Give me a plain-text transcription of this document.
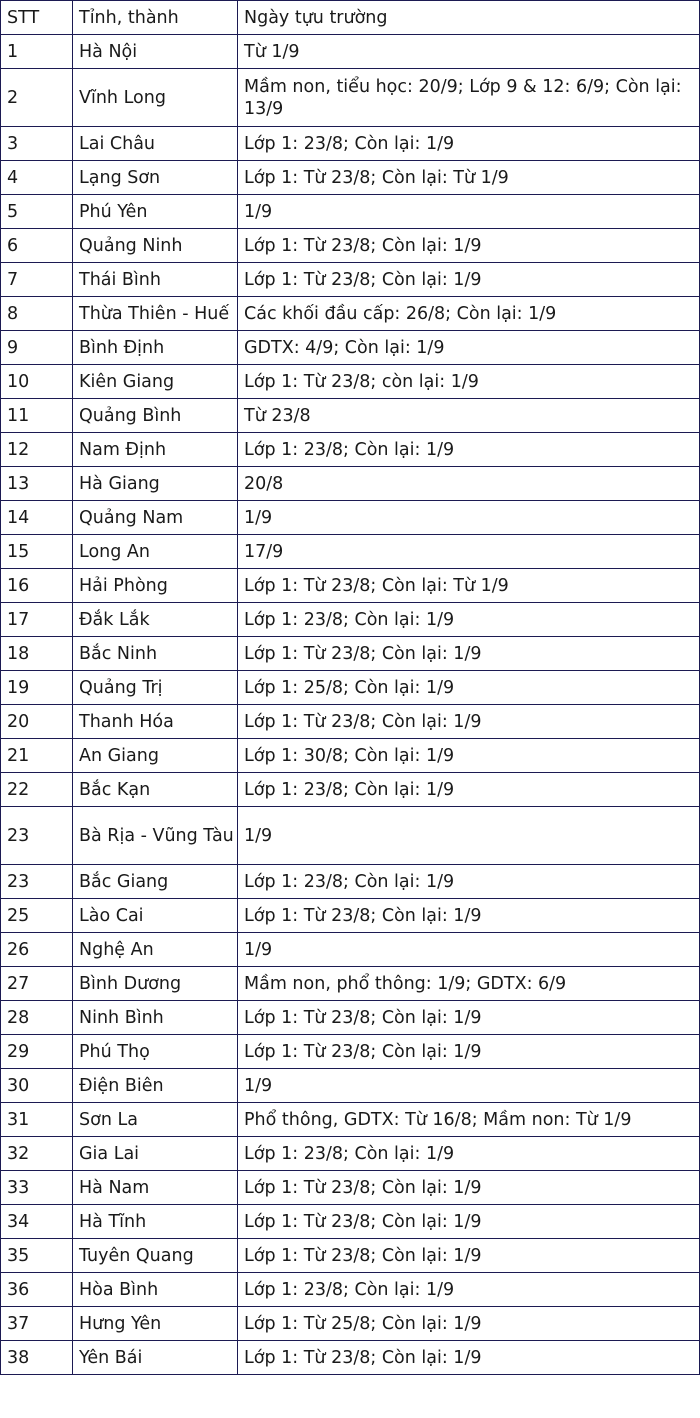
STT	Tỉnh, thành	Ngày tựu trường
1	Hà Nội	Từ 1/9
2	Vĩnh Long	Mầm non, tiểu học: 20/9; Lớp 9 & 12: 6/9; Còn lại: 13/9
3	Lai Châu	Lớp 1: 23/8; Còn lại: 1/9
4	Lạng Sơn	Lớp 1: Từ 23/8; Còn lại: Từ 1/9
5	Phú Yên	1/9
6	Quảng Ninh	Lớp 1: Từ 23/8; Còn lại: 1/9
7	Thái Bình	Lớp 1: Từ 23/8; Còn lại: 1/9
8	Thừa Thiên - Huế	Các khối đầu cấp: 26/8; Còn lại: 1/9
9	Bình Định	GDTX: 4/9; Còn lại: 1/9
10	Kiên Giang	Lớp 1: Từ 23/8; còn lại: 1/9
11	Quảng Bình	Từ 23/8
12	Nam Định	Lớp 1: 23/8; Còn lại: 1/9
13	Hà Giang	20/8
14	Quảng Nam	1/9
15	Long An	17/9
16	Hải Phòng	Lớp 1: Từ 23/8; Còn lại: Từ 1/9
17	Đắk Lắk	Lớp 1: 23/8; Còn lại: 1/9
18	Bắc Ninh	Lớp 1: Từ 23/8; Còn lại: 1/9
19	Quảng Trị	Lớp 1: 25/8; Còn lại: 1/9
20	Thanh Hóa	Lớp 1: Từ 23/8; Còn lại: 1/9
21	An Giang	Lớp 1: 30/8; Còn lại: 1/9
22	Bắc Kạn	Lớp 1: 23/8; Còn lại: 1/9
23	Bà Rịa - Vũng Tàu	1/9
23	Bắc Giang	Lớp 1: 23/8; Còn lại: 1/9
25	Lào Cai	Lớp 1: Từ 23/8; Còn lại: 1/9
26	Nghệ An	1/9
27	Bình Dương	Mầm non, phổ thông: 1/9; GDTX: 6/9
28	Ninh Bình	Lớp 1: Từ 23/8; Còn lại: 1/9
29	Phú Thọ	Lớp 1: Từ 23/8; Còn lại: 1/9
30	Điện Biên	1/9
31	Sơn La	Phổ thông, GDTX: Từ 16/8; Mầm non: Từ 1/9
32	Gia Lai	Lớp 1: 23/8; Còn lại: 1/9
33	Hà Nam	Lớp 1: Từ 23/8; Còn lại: 1/9
34	Hà Tĩnh	Lớp 1: Từ 23/8; Còn lại: 1/9
35	Tuyên Quang	Lớp 1: Từ 23/8; Còn lại: 1/9
36	Hòa Bình	Lớp 1: 23/8; Còn lại: 1/9
37	Hưng Yên	Lớp 1: Từ 25/8; Còn lại: 1/9
38	Yên Bái	Lớp 1: Từ 23/8; Còn lại: 1/9
